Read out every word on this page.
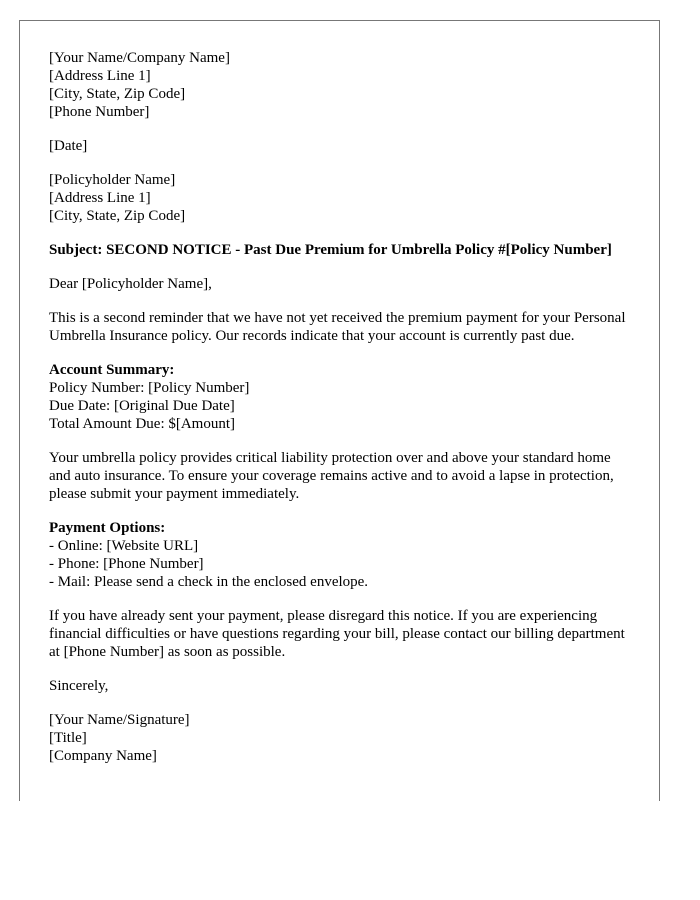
[Your Name/Company Name]
[Address Line 1]
[City, State, Zip Code]
[Phone Number]
[Date]
[Policyholder Name]
[Address Line 1]
[City, State, Zip Code]
Subject: SECOND NOTICE - Past Due Premium for Umbrella Policy #[Policy Number]
Dear [Policyholder Name],
This is a second reminder that we have not yet received the premium payment for your Personal Umbrella Insurance policy. Our records indicate that your account is currently past due.
Account Summary:
Policy Number: [Policy Number]
Due Date: [Original Due Date]
Total Amount Due: $[Amount]
Your umbrella policy provides critical liability protection over and above your standard home and auto insurance. To ensure your coverage remains active and to avoid a lapse in protection, please submit your payment immediately.
Payment Options:
- Online: [Website URL]
- Phone: [Phone Number]
- Mail: Please send a check in the enclosed envelope.
If you have already sent your payment, please disregard this notice. If you are experiencing financial difficulties or have questions regarding your bill, please contact our billing department at [Phone Number] as soon as possible.
Sincerely,
[Your Name/Signature]
[Title]
[Company Name]
